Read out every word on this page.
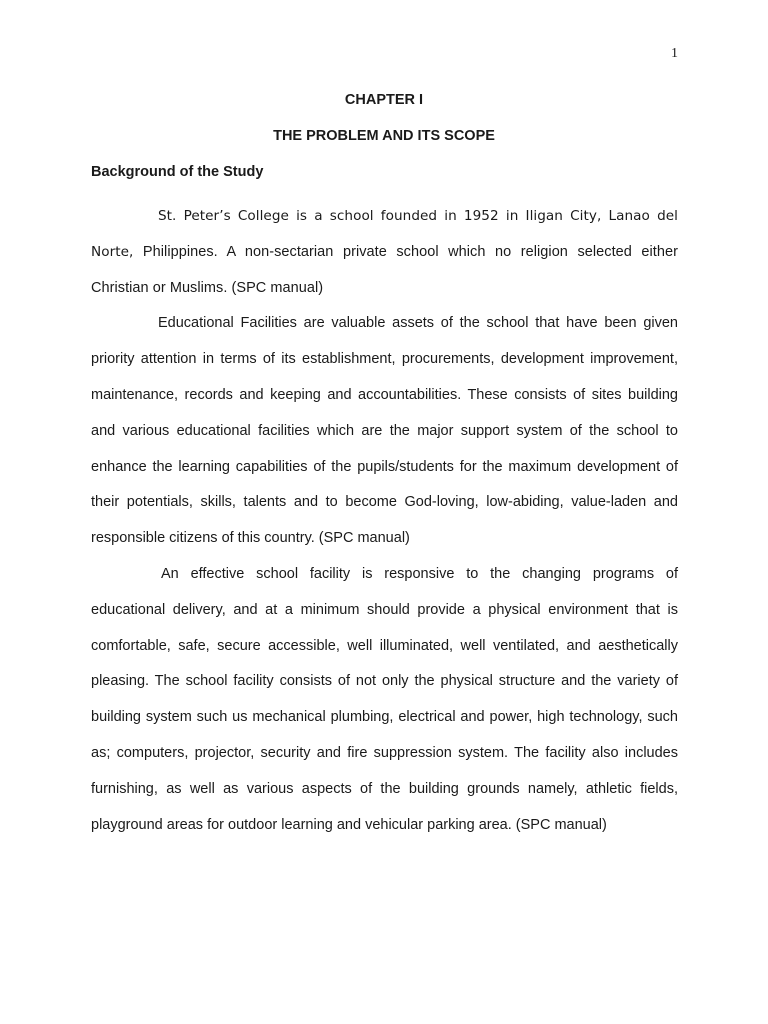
1
CHAPTER I
THE PROBLEM AND ITS SCOPE
Background of the Study

St. Peter’s College is a school founded in 1952 in Iligan City, Lanao del Norte, Philippines. A non-sectarian private school which no religion selected either Christian or Muslims. (SPC manual)

Educational Facilities are valuable assets of the school that have been given priority attention in terms of its establishment, procurements, development improvement, maintenance, records and keeping and accountabilities. These consists of sites building and various educational facilities which are the major support system of the school to enhance the learning capabilities of the pupils/students for the maximum development of their potentials, skills, talents and to become God-loving, low-abiding, value-laden and responsible citizens of this country. (SPC manual)

An effective school facility is responsive to the changing programs of educational delivery, and at a minimum should provide a physical environment that is comfortable, safe, secure accessible, well illuminated, well ventilated, and aesthetically pleasing. The school facility consists of not only the physical structure and the variety of building system such us mechanical plumbing, electrical and power, high technology, such as; computers, projector, security and fire suppression system. The facility also includes furnishing, as well as various aspects of the building grounds namely, athletic fields, playground areas for outdoor learning and vehicular parking area. (SPC manual)
